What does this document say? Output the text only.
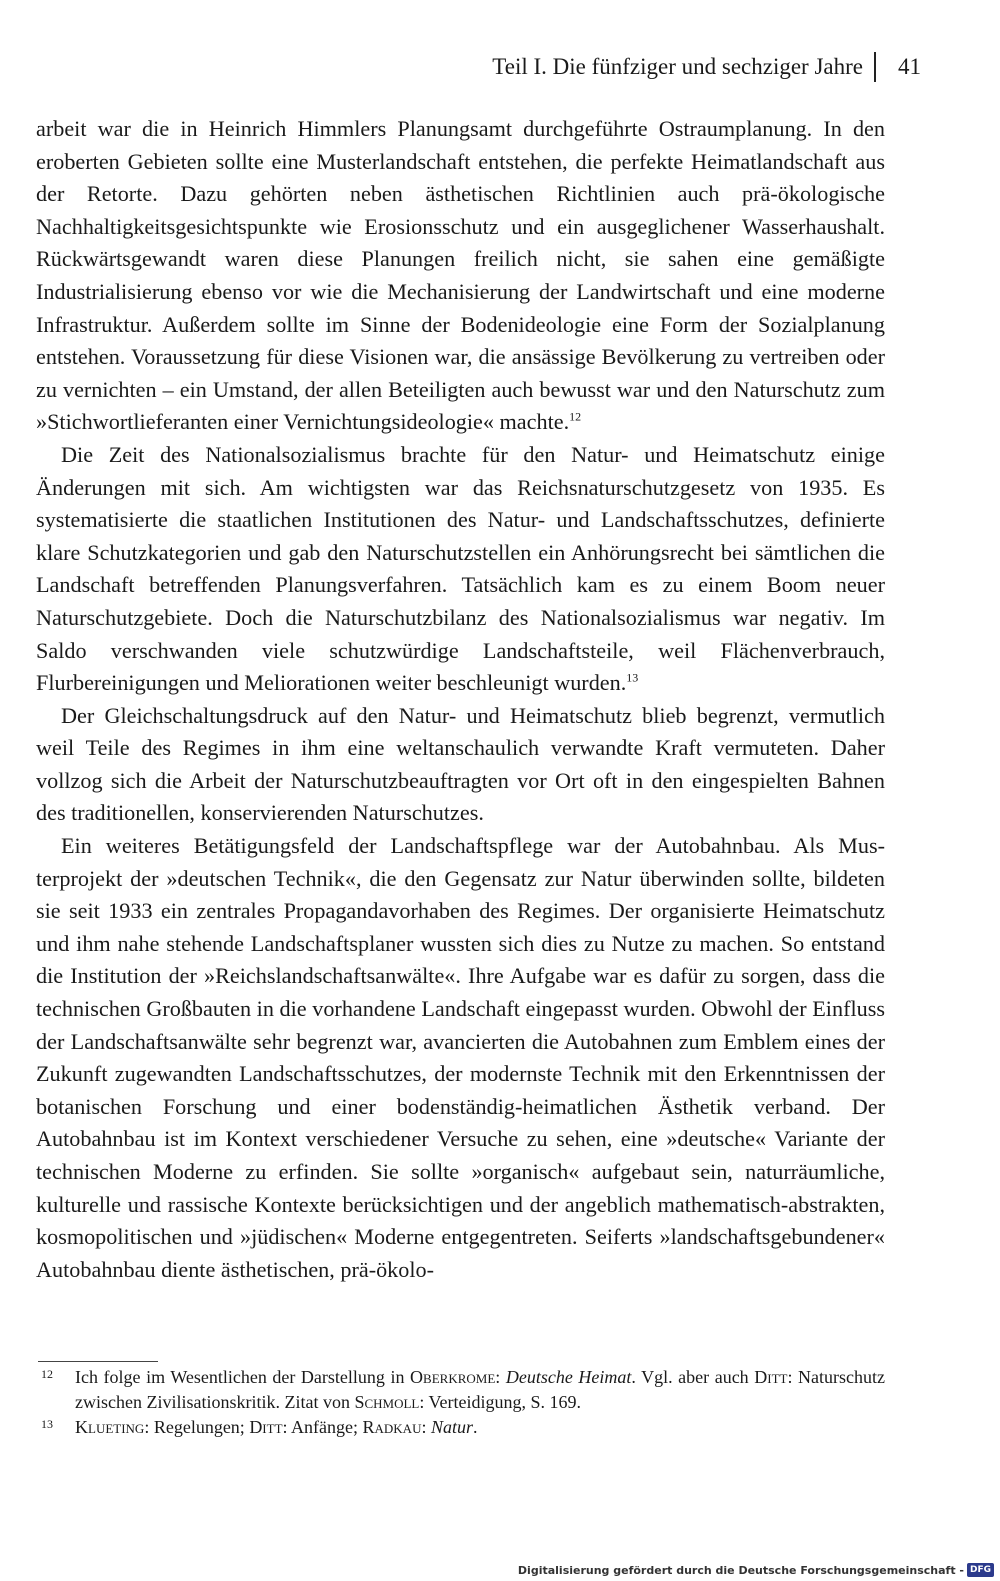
Teil I. Die fünfziger und sechziger Jahre 41

arbeit war die in Heinrich Himmlers Planungsamt durchgeführte Ostraumplanung. In den eroberten Gebieten sollte eine Musterlandschaft entstehen, die perfekte Heimatlandschaft aus der Retorte. Dazu gehörten neben ästhetischen Richtlinien auch prä-ökologische Nachhaltigkeitsgesichtspunkte wie Erosionsschutz und ein ausgeglichener Wasserhaushalt. Rückwärtsgewandt waren diese Planungen freilich nicht, sie sahen eine gemäßigte Industrialisierung ebenso vor wie die Mechanisierung der Landwirtschaft und eine moderne Infrastruktur. Außerdem sollte im Sinne der Bodenideologie eine Form der Sozialplanung entstehen. Voraussetzung für diese Visionen war, die ansässige Bevölkerung zu vertreiben oder zu vernichten – ein Umstand, der allen Beteiligten auch bewusst war und den Naturschutz zum »Stichwortlieferanten einer Vernichtungsideologie« machte.$^{12}$

Die Zeit des Nationalsozialismus brachte für den Natur- und Heimatschutz einige Änderungen mit sich. Am wichtigsten war das Reichsnaturschutzgesetz von 1935. Es systematisierte die staatlichen Institutionen des Natur- und Landschaftsschutzes, definierte klare Schutzkategorien und gab den Naturschutzstellen ein Anhörungsrecht bei sämtlichen die Landschaft betreffenden Planungsverfahren. Tatsächlich kam es zu einem Boom neuer Naturschutzgebiete. Doch die Naturschutzbilanz des Nationalsozialismus war negativ. Im Saldo verschwanden viele schutzwürdige Landschaftsteile, weil Flächenverbrauch, Flurbereinigungen und Meliorationen weiter beschleunigt wurden.$^{13}$

Der Gleichschaltungsdruck auf den Natur- und Heimatschutz blieb begrenzt, vermutlich weil Teile des Regimes in ihm eine weltanschaulich verwandte Kraft vermuteten. Daher vollzog sich die Arbeit der Naturschutzbeauftragten vor Ort oft in den eingespielten Bahnen des traditionellen, konservierenden Naturschutzes.

Ein weiteres Betätigungsfeld der Landschaftspflege war der Autobahnbau. Als Musterprojekt der »deutschen Technik«, die den Gegensatz zur Natur überwinden sollte, bildeten sie seit 1933 ein zentrales Propagandavorhaben des Regimes. Der organisierte Heimatschutz und ihm nahe stehende Landschaftsplaner wussten sich dies zu Nutze zu machen. So entstand die Institution der »Reichslandschaftsanwälte«. Ihre Aufgabe war es dafür zu sorgen, dass die technischen Großbauten in die vorhandene Landschaft eingepasst wurden. Obwohl der Einfluss der Landschaftsanwälte sehr begrenzt war, avancierten die Autobahnen zum Emblem eines der Zukunft zugewandten Landschaftsschutzes, der modernste Technik mit den Erkenntnissen der botanischen Forschung und einer bodenständig-heimatlichen Ästhetik verband. Der Autobahnbau ist im Kontext verschiedener Versuche zu sehen, eine »deutsche« Variante der technischen Moderne zu erfinden. Sie sollte »organisch« aufgebaut sein, naturräumliche, kulturelle und rassische Kontexte berücksichtigen und der angeblich mathematisch-abstrakten, kosmopolitischen und »jüdischen« Moderne entgegentreten. Seiferts »landschaftsgebundener« Autobahnbau diente ästhetischen, prä-ökolo-

12 Ich folge im Wesentlichen der Darstellung in Oberkrome: Deutsche Heimat. Vgl. aber auch Ditt: Naturschutz zwischen Zivilisationskritik. Zitat von Schmoll: Verteidigung, S. 169.
13 Klueting: Regelungen; Ditt: Anfänge; Radkau: Natur.
Digitalisierung gefördert durch die Deutsche Forschungsgemeinschaft - DFG
